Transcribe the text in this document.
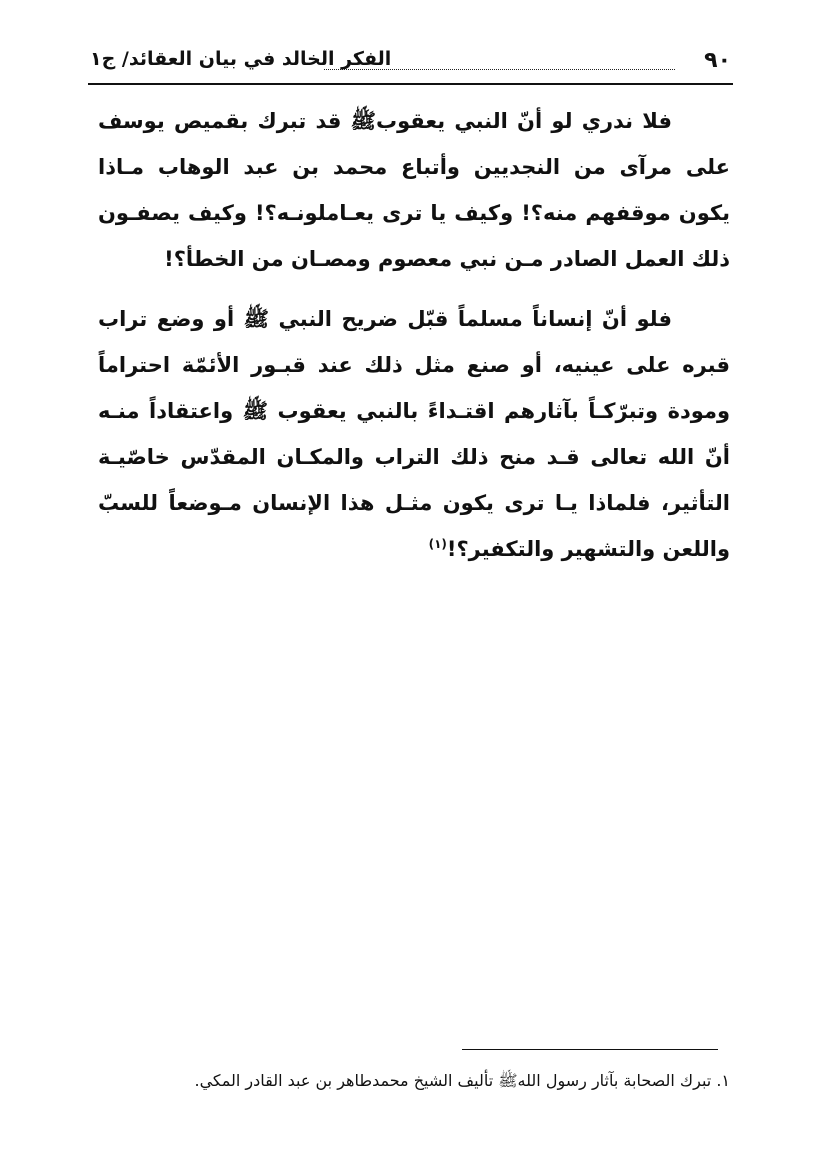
٩٠
الفكر الخالد في بيان العقائد/ ج١

فلا ندري لو أنّ النبي يعقوبﷺ قد تبرك بقميص يوسف على مرآى من النجديين وأتباع محمد بن عبد الوهاب مـاذا يكون موقفهم منه؟! وكيف يا ترى يعـاملونـه؟! وكيف يصفـون ذلك العمل الصادر مـن نبي معصوم ومصـان من الخطأ؟!

فلو أنّ إنساناً مسلماً قبّل ضريح النبي ﷺ أو وضع تراب قبره على عينيه، أو صنع مثل ذلك عند قبـور الأئمّة احتراماً ومودة وتبرّكـاً بآثارهم اقتـداءً بالنبي يعقوب ﷺ واعتقاداً منـه أنّ الله تعالى قـد منح ذلك التراب والمكـان المقدّس خاصّيـة التأثير، فلماذا يـا ترى يكون مثـل هذا الإنسان مـوضعاً للسبّ واللعن والتشهير والتكفير؟!$^{(١)}$

١. تبرك الصحابة بآثار رسول اللهﷺ تأليف الشيخ محمدطاهر بن عبد القادر المكي.
